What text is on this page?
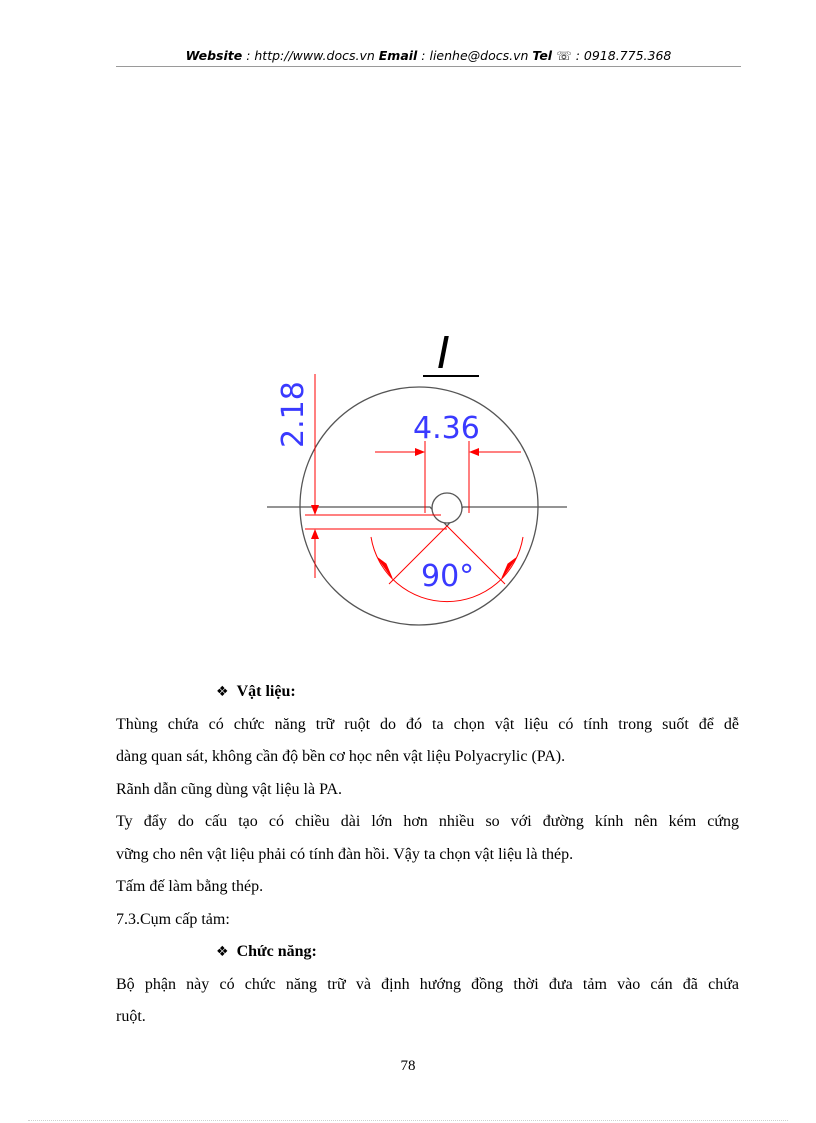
Website : http://www.docs.vn Email : lienhe@docs.vn Tel ☏ : 0918.775.368
I
4.36
2.18
90°
❖ Vật liệu:
Thùng chứa có chức năng trữ ruột do đó ta chọn vật liệu có tính trong suốt để dễ
dàng quan sát, không cần độ bền cơ học nên vật liệu Polyacrylic (PA).
Rãnh dẫn cũng dùng vật liệu là PA.
Ty đẩy do cấu tạo có chiều dài lớn hơn nhiều so với đường kính nên kém cứng
vững cho nên vật liệu phải có tính đàn hồi. Vậy ta chọn vật liệu là thép.
Tấm đế làm bằng thép.
7.3.Cụm cấp tảm:
❖ Chức năng:
Bộ phận này có chức năng trữ và định hướng đồng thời đưa tảm vào cán đã chứa
ruột.
78
